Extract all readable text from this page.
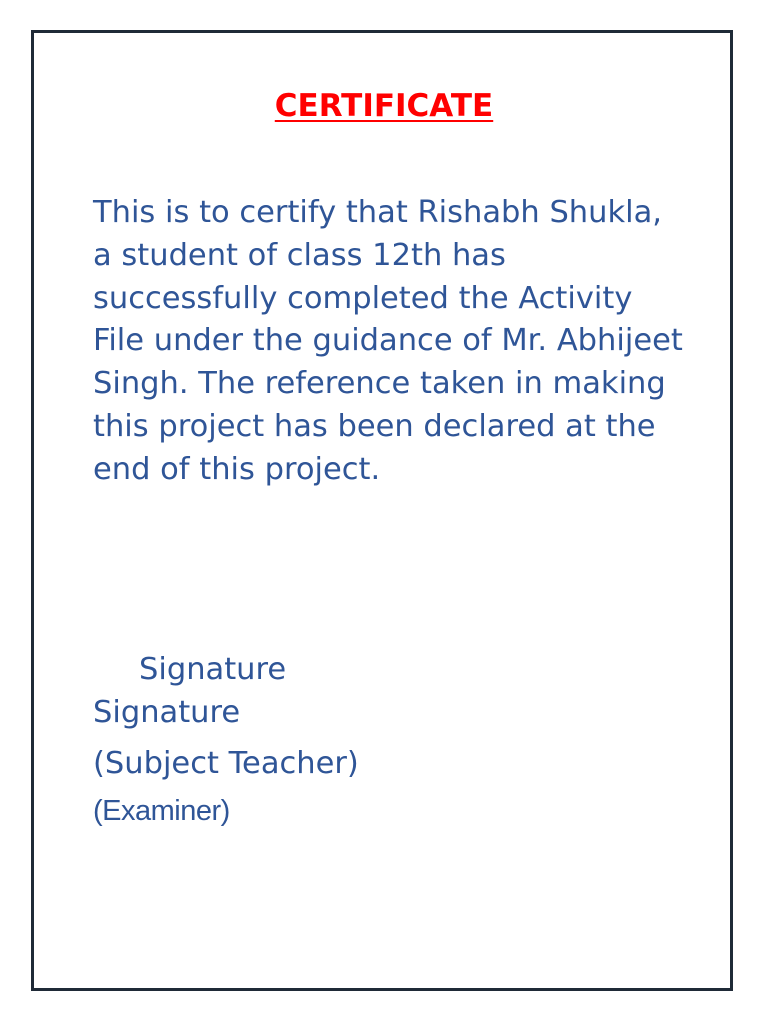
CERTIFICATE

This is to certify that Rishabh Shukla, a student of class 12th has successfully completed the Activity File under the guidance of Mr. Abhijeet Singh. The reference taken in making this project has been declared at the end of this project.

Signature
Signature
(Subject Teacher)
(Examiner)
